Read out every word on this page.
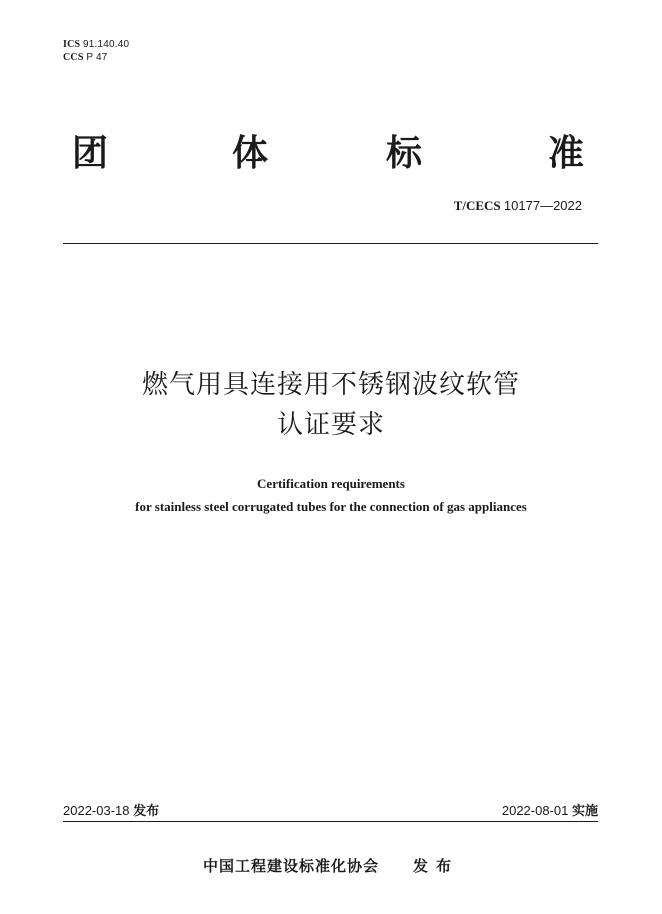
ICS 91.140.40
CCS P 47
团	体	标	准
T/CECS 10177—2022
燃气用具连接用不锈钢波纹软管
认证要求
Certification requirements
for stainless steel corrugated tubes for the connection of gas appliances
2022-03-18 发布	2022-08-01 实施
中国工程建设标准化协会 发布
